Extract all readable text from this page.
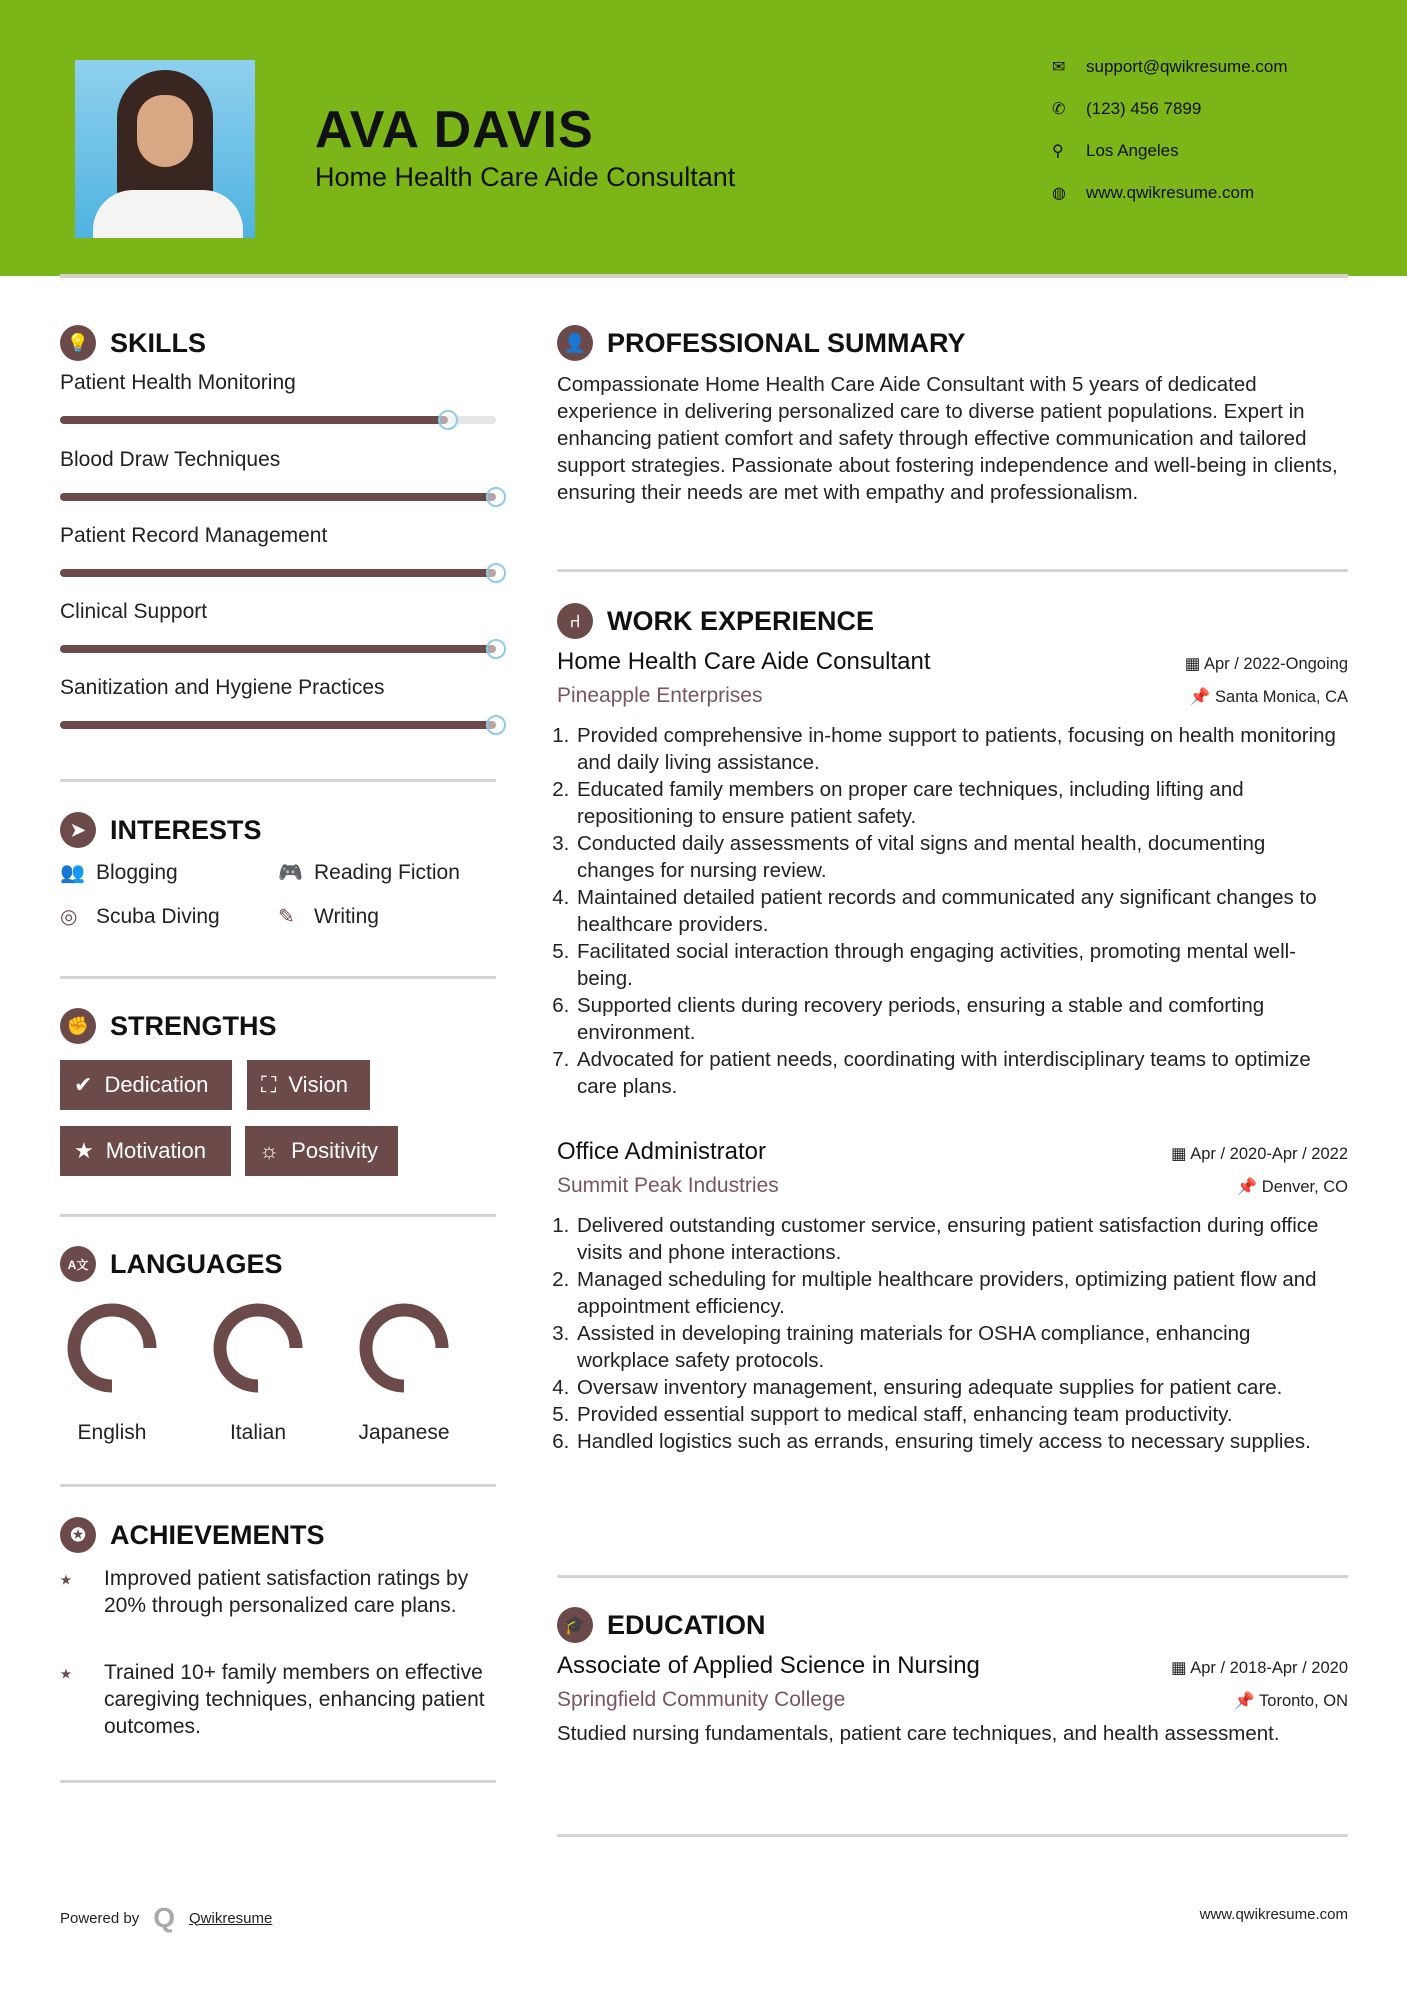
AVA DAVIS
Home Health Care Aide Consultant
✉	support@qwikresume.com
✆	(123) 456 7899
⚲	Los Angeles
◍	www.qwikresume.com
💡 SKILLS
Patient Health Monitoring
Blood Draw Techniques
Patient Record Management
Clinical Support
Sanitization and Hygiene Practices
➤ INTERESTS
👥 Blogging	🎮 Reading Fiction
◎ Scuba Diving	✎ Writing
✊ STRENGTHS
✔ Dedication ⛶ Vision
★ Motivation ☼ Positivity
A文 LANGUAGES
English	Italian	Japanese
✪ ACHIEVEMENTS
⭑	Improved patient satisfaction ratings by 20% through personalized care plans.
⭑	Trained 10+ family members on effective caregiving techniques, enhancing patient outcomes.
👤 PROFESSIONAL SUMMARY
Compassionate Home Health Care Aide Consultant with 5 years of dedicated experience in delivering personalized care to diverse patient populations. Expert in enhancing patient comfort and safety through effective communication and tailored support strategies. Passionate about fostering independence and well-being in clients, ensuring their needs are met with empathy and professionalism.
⑁ WORK EXPERIENCE
Home Health Care Aide Consultant	▦ Apr / 2022-Ongoing
Pineapple Enterprises	📌 Santa Monica, CA
1. Provided comprehensive in-home support to patients, focusing on health monitoring and daily living assistance.
2. Educated family members on proper care techniques, including lifting and repositioning to ensure patient safety.
3. Conducted daily assessments of vital signs and mental health, documenting changes for nursing review.
4. Maintained detailed patient records and communicated any significant changes to healthcare providers.
5. Facilitated social interaction through engaging activities, promoting mental well-being.
6. Supported clients during recovery periods, ensuring a stable and comforting environment.
7. Advocated for patient needs, coordinating with interdisciplinary teams to optimize care plans.
Office Administrator	▦ Apr / 2020-Apr / 2022
Summit Peak Industries	📌 Denver, CO
1. Delivered outstanding customer service, ensuring patient satisfaction during office visits and phone interactions.
2. Managed scheduling for multiple healthcare providers, optimizing patient flow and appointment efficiency.
3. Assisted in developing training materials for OSHA compliance, enhancing workplace safety protocols.
4. Oversaw inventory management, ensuring adequate supplies for patient care.
5. Provided essential support to medical staff, enhancing team productivity.
6. Handled logistics such as errands, ensuring timely access to necessary supplies.
🎓 EDUCATION
Associate of Applied Science in Nursing	▦ Apr / 2018-Apr / 2020
Springfield Community College	📌 Toronto, ON
Studied nursing fundamentals, patient care techniques, and health assessment.
Powered by Q Qwikresume	www.qwikresume.com
